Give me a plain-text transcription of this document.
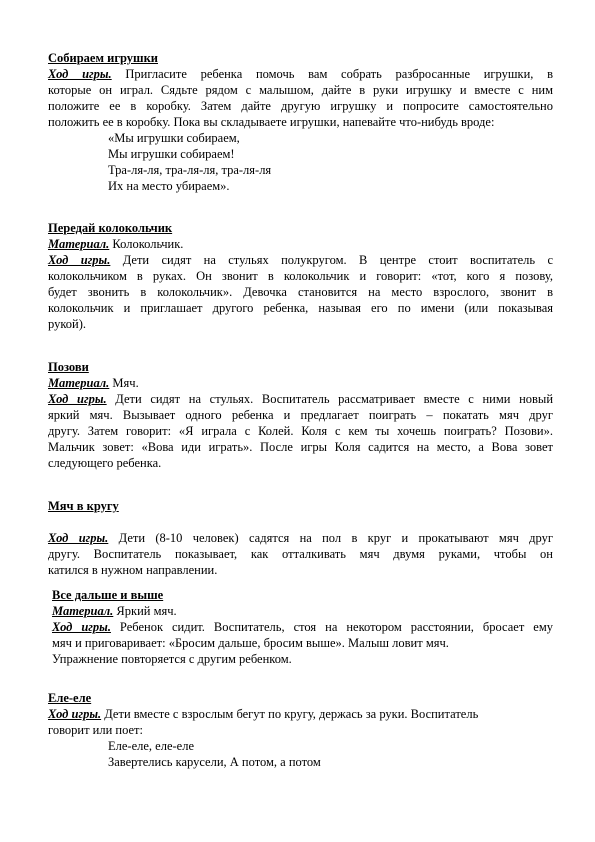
Собираем игрушки
Ход игры. Пригласите ребенка помочь вам собрать разбросанные игрушки, в
которые он играл. Сядьте рядом с малышом, дайте в руки игрушку и вместе с ним
положите ее в коробку. Затем дайте другую игрушку и попросите самостоятельно
положить ее в коробку. Пока вы складываете игрушки, напевайте что-нибудь вроде:
«Мы игрушки собираем,
Мы игрушки собираем!
Тра-ля-ля, тра-ля-ля, тра-ля-ля
Их на место убираем».
Передай колокольчик
Материал. Колокольчик.
Ход игры. Дети сидят на стульях полукругом. В центре стоит воспитатель с
колокольчиком в руках. Он звонит в колокольчик и говорит: «тот, кого я позову,
будет звонить в колокольчик». Девочка становится на место взрослого, звонит в
колокольчик и приглашает другого ребенка, называя его по имени (или показывая
рукой).
Позови
Материал. Мяч.
Ход игры. Дети сидят на стульях. Воспитатель рассматривает вместе с ними новый
яркий мяч. Вызывает одного ребенка и предлагает поиграть – покатать мяч друг
другу. Затем говорит: «Я играла с Колей. Коля с кем ты хочешь поиграть? Позови».
Мальчик зовет: «Вова иди играть». После игры Коля садится на место, а Вова зовет
следующего ребенка.
Мяч в кругу
Ход игры. Дети (8-10 человек) садятся на пол в круг и прокатывают мяч друг
другу. Воспитатель показывает, как отталкивать мяч двумя руками, чтобы он
катился в нужном направлении.
Все дальше и выше
Материал. Яркий мяч.
Ход игры. Ребенок сидит. Воспитатель, стоя на некотором расстоянии, бросает ему
мяч и приговаривает: «Бросим дальше, бросим выше». Малыш ловит мяч.
Упражнение повторяется с другим ребенком.
Еле-еле
Ход игры. Дети вместе с взрослым бегут по кругу, держась за руки. Воспитатель
говорит или поет:
Еле-еле, еле-еле
Завертелись карусели, А потом, а потом
